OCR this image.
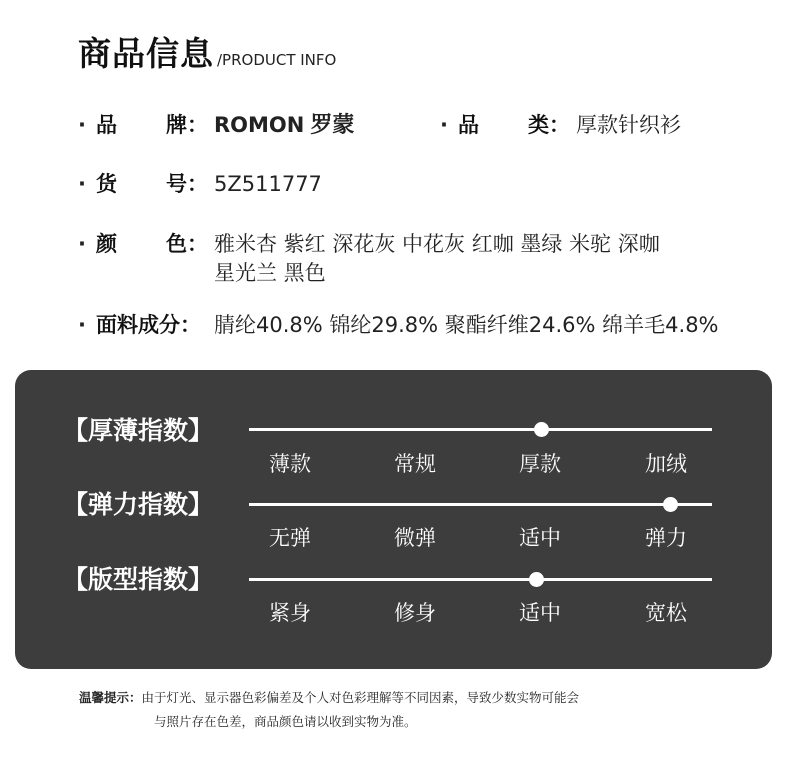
商品信息 /PRODUCT INFO
· 品 牌： ROMON 罗蒙	· 品 类： 厚款针织衫
· 货 号： 5Z511777
· 颜 色： 雅米杏 紫红 深花灰 中花灰 红咖 墨绿 米驼 深咖
星光兰 黑色
· 面料成分： 腈纶40.8% 锦纶29.8% 聚酯纤维24.6% 绵羊毛4.8%
【厚薄指数】
薄款	常规	厚款	加绒
【弹力指数】
无弹	微弹	适中	弹力
【版型指数】
紧身	修身	适中	宽松
温馨提示：由于灯光、显示器色彩偏差及个人对色彩理解等不同因素，导致少数实物可能会
与照片存在色差，商品颜色请以收到实物为准。
